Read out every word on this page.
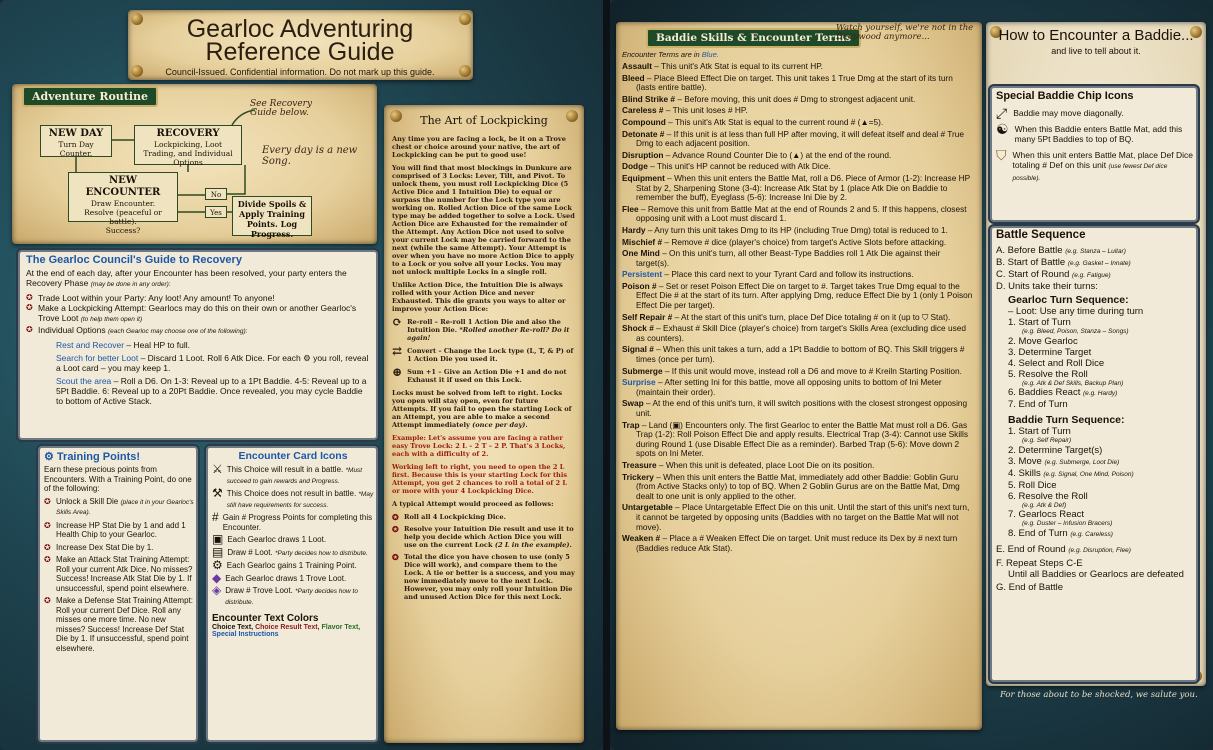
Gearloc Adventuring
Reference Guide

Council-Issued. Confidential information. Do not mark up this guide.

Adventure Routine
See Recovery Guide below.
Every day is a new Song.
NEW DAY
Turn Day Counter.
RECOVERY
Lockpicking, Loot Trading, and Individual Options
NEW ENCOUNTER
Draw Encounter.
Resolve (peaceful or battle).
Success?
No
Yes
Divide Spoils & Apply Training Points. Log Progress.
The Gearloc Council's Guide to Recovery
At the end of each day, after your Encounter has been resolved, your party enters the Recovery Phase (may be done in any order):
✪ Trade Loot within your Party: Any loot! Any amount! To anyone!
✪ Make a Lockpicking Attempt: Gearlocs may do this on their own or another Gearloc's Trove Loot (to help them open it)
✪ Individual Options (each Gearloc may choose one of the following):
Rest and Recover – Heal HP to full.
Search for better Loot – Discard 1 Loot. Roll 6 Atk Dice. For each ⚙ you roll, reveal a Loot card – you may keep 1.
Scout the area – Roll a D6. On 1-3: Reveal up to a 1Pt Baddie. 4-5: Reveal up to a 5Pt Baddie. 6: Reveal up to a 20Pt Baddie. Once revealed, you may cycle Baddie to bottom of Active Stack.
⚙ Training Points!
Earn these precious points from Encounters. With a Training Point, do one of the following:
✪ Unlock a Skill Die (place it in your Gearloc's Skills Area).
✪ Increase HP Stat Die by 1 and add 1 Health Chip to your Gearloc.
✪ Increase Dex Stat Die by 1.
✪ Make an Attack Stat Training Attempt: Roll your current Atk Dice. No misses? Success! Increase Atk Stat Die by 1. If unsuccessful, spend point elsewhere.
✪ Make a Defense Stat Training Attempt: Roll your current Def Dice. Roll any misses one more time. No new misses? Success! Increase Def Stat Die by 1. If unsuccessful, spend point elsewhere.
Encounter Card Icons
⚔ This Choice will result in a battle. *Must succeed to gain rewards and Progress.
⚒ This Choice does not result in battle. *May still have requirements for success.
# Gain # Progress Points for completing this Encounter.
▣ Each Gearloc draws 1 Loot.
▤ Draw # Loot. *Party decides how to distribute.
⚙ Each Gearloc gains 1 Training Point.
◆ Each Gearloc draws 1 Trove Loot.
◈ Draw # Trove Loot. *Party decides how to distribute.
Encounter Text Colors
Choice Text, Choice Result Text, Flavor Text, Special Instructions
The Art of Lockpicking

Any time you are facing a lock, be it on a Trove chest or choice around your native, the art of Lockpicking can be put to good use!

You will find that most blockings in Dunkure are comprised of 3 Locks: Lever, Tilt, and Pivot. To unlock them, you must roll Lockpicking Dice (5 Active Dice and 1 Intuition Die) to equal or surpass the number for the Lock type you are working on. Rolled Action Dice of the same Lock type may be added together to solve a Lock. Used Action Dice are Exhausted for the remainder of the Attempt. Any Action Dice not used to solve your current Lock may be carried forward to the next (while the same Attempt). Your Attempt is over when you have no more Action Dice to apply to a Lock or you solve all your Locks. You may not unlock multiple Locks in a single roll.

Unlike Action Dice, the Intuition Die is always rolled with your Action Dice and never Exhausted. This die grants you ways to alter or improve your Action Dice:

⟳ Re-roll – Re-roll 1 Action Die and also the Intuition Die. *Rolled another Re-roll? Do it again!
⇄ Convert – Change the Lock type (L, T, & P) of 1 Action Die you used it.
⊕ Sum +1 – Give an Action Die +1 and do not Exhaust it if used on this Lock.

Locks must be solved from left to right. Locks you open will stay open, even for future Attempts. If you fail to open the starting Lock of an Attempt, you are able to make a second Attempt immediately (once per day).

Example: Let's assume you are facing a rather easy Trove Lock: 2 L – 2 T – 2 P. That's 3 Locks, each with a difficulty of 2.

Working left to right, you need to open the 2 L first. Because this is your starting Lock for this Attempt, you get 2 chances to roll a total of 2 L or more with your 4 Lockpicking Dice.

A typical Attempt would proceed as follows:

✪ Roll all 4 Lockpicking Dice.
✪ Resolve your Intuition Die result and use it to help you decide which Action Dice you will use on the current Lock (2 L in the example).
✪ Total the dice you have chosen to use (only 5 Dice will work), and compare them to the Lock. A tie or better is a success, and you may now immediately move to the next Lock. However, you may only roll your Intuition Die and unused Action Dice for this next Lock.
Baddie Skills & Encounter Terms
Watch yourself, we're not in the Deepwood anymore...
Encounter Terms are in Blue.
Assault – This unit's Atk Stat is equal to its current HP.
Bleed – Place Bleed Effect Die on target. This unit takes 1 True Dmg at the start of its turn (lasts entire battle).
Blind Strike # – Before moving, this unit does # Dmg to strongest adjacent unit.
Careless # – This unit loses # HP.
Compound – This unit's Atk Stat is equal to the current round # (▲=5).
Detonate # – If this unit is at less than full HP after moving, it will defeat itself and deal # True Dmg to each adjacent position.
Disruption – Advance Round Counter Die to (▲) at the end of the round.
Dodge – This unit's HP cannot be reduced with Atk Dice.
Equipment – When this unit enters the Battle Mat, roll a D6. Piece of Armor (1-2): Increase HP Stat by 2, Sharpening Stone (3-4): Increase Atk Stat by 1 (place Atk Die on Baddie to remember the buff), Eyeglass (5-6): Increase Ini Die by 2.
Flee – Remove this unit from Battle Mat at the end of Rounds 2 and 5. If this happens, closest opposing unit with a Loot must discard 1.
Hardy – Any turn this unit takes Dmg to its HP (including True Dmg) total is reduced to 1.
Mischief # – Remove # dice (player's choice) from target's Active Slots before attacking.
One Mind – On this unit's turn, all other Beast-Type Baddies roll 1 Atk Die against their target(s).
Persistent – Place this card next to your Tyrant Card and follow its instructions.
Poison # – Set or reset Poison Effect Die on target to #. Target takes True Dmg equal to the Effect Die # at the start of its turn. After applying Dmg, reduce Effect Die by 1 (only 1 Poison Effect Die per target).
Self Repair # – At the start of this unit's turn, place Def Dice totaling # on it (up to ⛉ Stat).
Shock # – Exhaust # Skill Dice (player's choice) from target's Skills Area (excluding dice used as counters).
Signal # – When this unit takes a turn, add a 1Pt Baddie to bottom of BQ. This Skill triggers # times (once per turn).
Submerge – If this unit would move, instead roll a D6 and move to # Kreiln Starting Position.
Surprise – After setting Ini for this battle, move all opposing units to bottom of Ini Meter (maintain their order).
Swap – At the end of this unit's turn, it will switch positions with the closest strongest opposing unit.
Trap – Land (▣) Encounters only. The first Gearloc to enter the Battle Mat must roll a D6. Gas Trap (1-2): Roll Poison Effect Die and apply results. Electrical Trap (3-4): Cannot use Skills during Round 1 (use Disable Effect Die as a reminder). Barbed Trap (5-6): Move down 2 spots on Ini Meter.
Treasure – When this unit is defeated, place Loot Die on its position.
Trickery – When this unit enters the Battle Mat, immediately add other Baddie: Goblin Guru (from Active Stacks only) to top of BQ. When 2 Goblin Gurus are on the Battle Mat, Dmg dealt to one unit is only applied to the other.
Untargetable – Place Untargetable Effect Die on this unit. Until the start of this unit's next turn, it cannot be targeted by opposing units (Baddies with no target on the Battle Mat will not move).
Weaken # – Place a # Weaken Effect Die on target. Unit must reduce its Dex by # next turn (Baddies reduce Atk Stat).
How to Encounter a Baddie...
and live to tell about it.
Special Baddie Chip Icons
⤢ Baddie may move diagonally.
☯ When this Baddie enters Battle Mat, add this many 5Pt Baddies to top of BQ.
⛉ When this unit enters Battle Mat, place Def Dice totaling # Def on this unit (use fewest Def dice possible).
Battle Sequence
A. Before Battle (e.g. Stanza – Luitar)
B. Start of Battle (e.g. Gasket – Innate)
C. Start of Round (e.g. Fatigue)
D. Units take their turns:
Gearloc Turn Sequence:
– Loot: Use any time during turn
1. Start of Turn
(e.g. Bleed, Poison, Stanza – Songs)
2. Move Gearloc
3. Determine Target
4. Select and Roll Dice
5. Resolve the Roll
(e.g. Atk & Def Skills, Backup Plan)
6. Baddies React (e.g. Hardy)
7. End of Turn
Baddie Turn Sequence:
1. Start of Turn
(e.g. Self Repair)
2. Determine Target(s)
3. Move (e.g. Submerge, Loot Die)
4. Skills (e.g. Signal, One Mind, Poison)
5. Roll Dice
6. Resolve the Roll
(e.g. Atk & Def)
7. Gearlocs React
(e.g. Duster – Infusion Bracers)
8. End of Turn (e.g. Careless)
E. End of Round (e.g. Disruption, Flee)
F. Repeat Steps C-E
Until all Baddies or Gearlocs are defeated
G. End of Battle
For those about to be shocked, we salute you.
